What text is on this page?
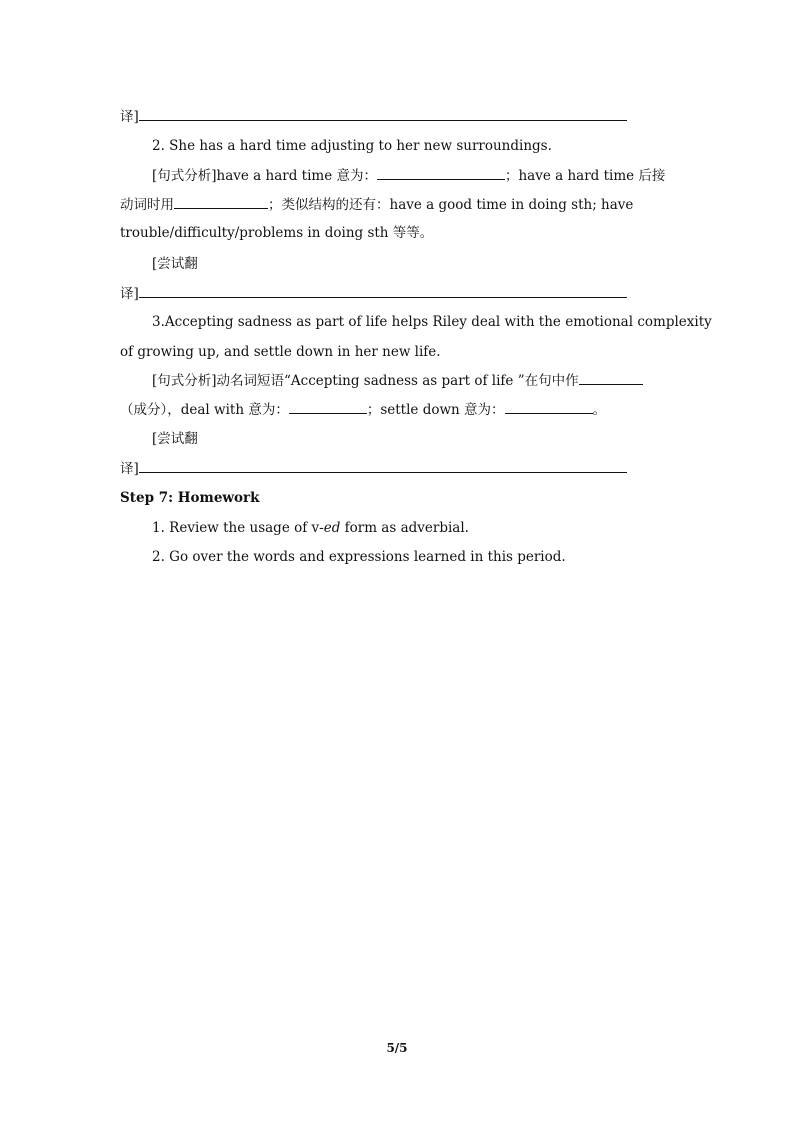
译]
2. She has a hard time adjusting to her new surroundings.
[句式分析]have a hard time 意为：	；have a hard time 后接
动词时用	；类似结构的还有：have a good time in doing sth; have
trouble/difficulty/problems in doing sth 等等。
[尝试翻
译]
3.Accepting sadness as part of life helps Riley deal with the emotional complexity
of growing up, and settle down in her new life.
[句式分析]动名词短语“Accepting sadness as part of life ”在句中作
（成分），deal with 意为：	；settle down 意为：	。
[尝试翻
译]
Step 7: Homework
1. Review the usage of v-ed form as adverbial.
2. Go over the words and expressions learned in this period.
5/5
